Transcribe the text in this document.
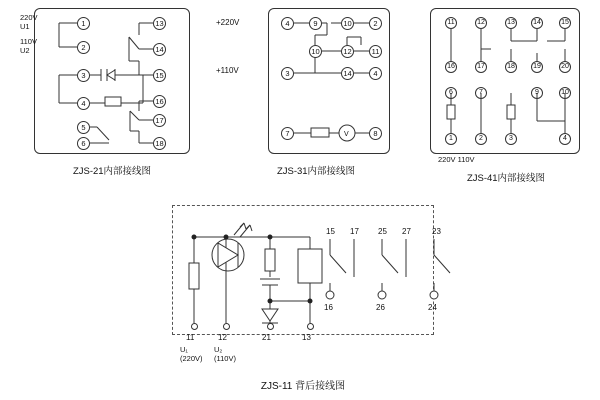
1
2
3
4
5
6
13
14
15
16
17
18
220V
U1
110V
U2
ZJS-21内部接线图
4	9	10	2
10	12	11
3	14	4
7	8
V
+220V
+110V
ZJS-31内部接线图
11	12	13	14	15
16	17	18	19	20
6	7	9	10
1	2	3	4
220V 110V
ZJS-41内部接线图
11	12	21	13
U₁
(220V)
U₂
(110V)
15 17 25 27	23
16	26	24
ZJS-11 背后接线图
